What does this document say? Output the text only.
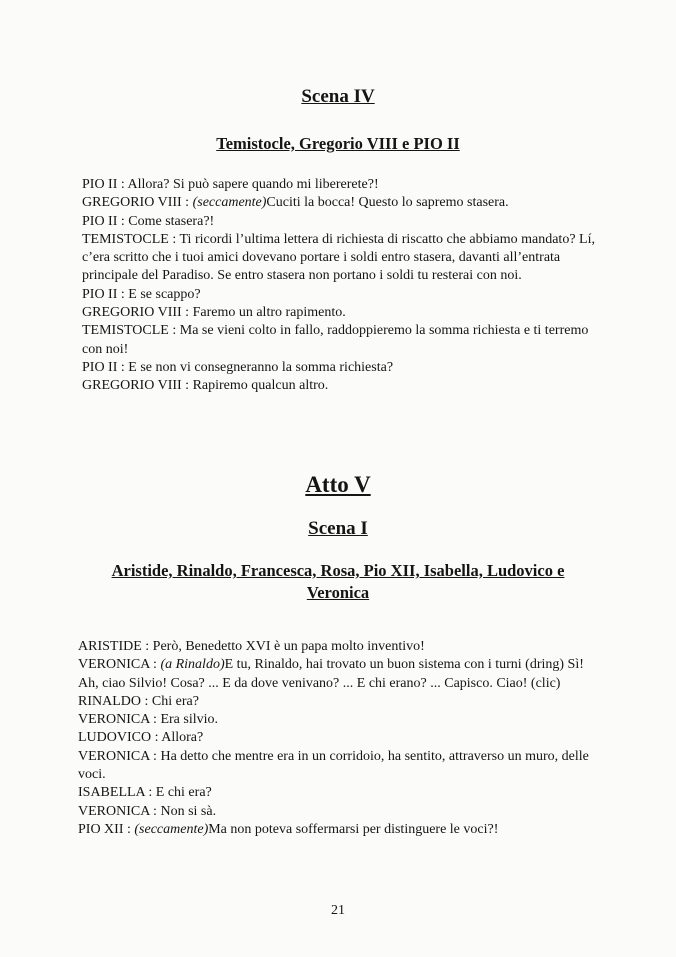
Scena IV
Temistocle, Gregorio VIII e PIO II
PIO II : Allora? Si può sapere quando mi libererete?!
GREGORIO VIII : (seccamente)Cuciti la bocca! Questo lo sapremo stasera.
PIO II : Come stasera?!
TEMISTOCLE : Ti ricordi l’ultima lettera di richiesta di riscatto che abbiamo mandato? Lí, c’era scritto che i tuoi amici dovevano portare i soldi entro stasera, davanti all’entrata principale del Paradiso. Se entro stasera non portano i soldi tu resterai con noi.
PIO II : E se scappo?
GREGORIO VIII : Faremo un altro rapimento.
TEMISTOCLE : Ma se vieni colto in fallo, raddoppieremo la somma richiesta e ti terremo con noi!
PIO II : E se non vi consegneranno la somma richiesta?
GREGORIO VIII : Rapiremo qualcun altro.
Atto V
Scena I
Aristide, Rinaldo, Francesca, Rosa, Pio XII, Isabella, Ludovico e Veronica
ARISTIDE : Però, Benedetto XVI è un papa molto inventivo!
VERONICA : (a Rinaldo)E tu, Rinaldo, hai trovato un buon sistema con i turni (dring) Sì! Ah, ciao Silvio! Cosa? ... E da dove venivano? ... E chi erano? ... Capisco. Ciao! (clic)
RINALDO : Chi era?
VERONICA : Era silvio.
LUDOVICO : Allora?
VERONICA : Ha detto che mentre era in un corridoio, ha sentito, attraverso un muro, delle voci.
ISABELLA : E chi era?
VERONICA : Non si sà.
PIO XII : (seccamente)Ma non poteva soffermarsi per distinguere le voci?!
21
